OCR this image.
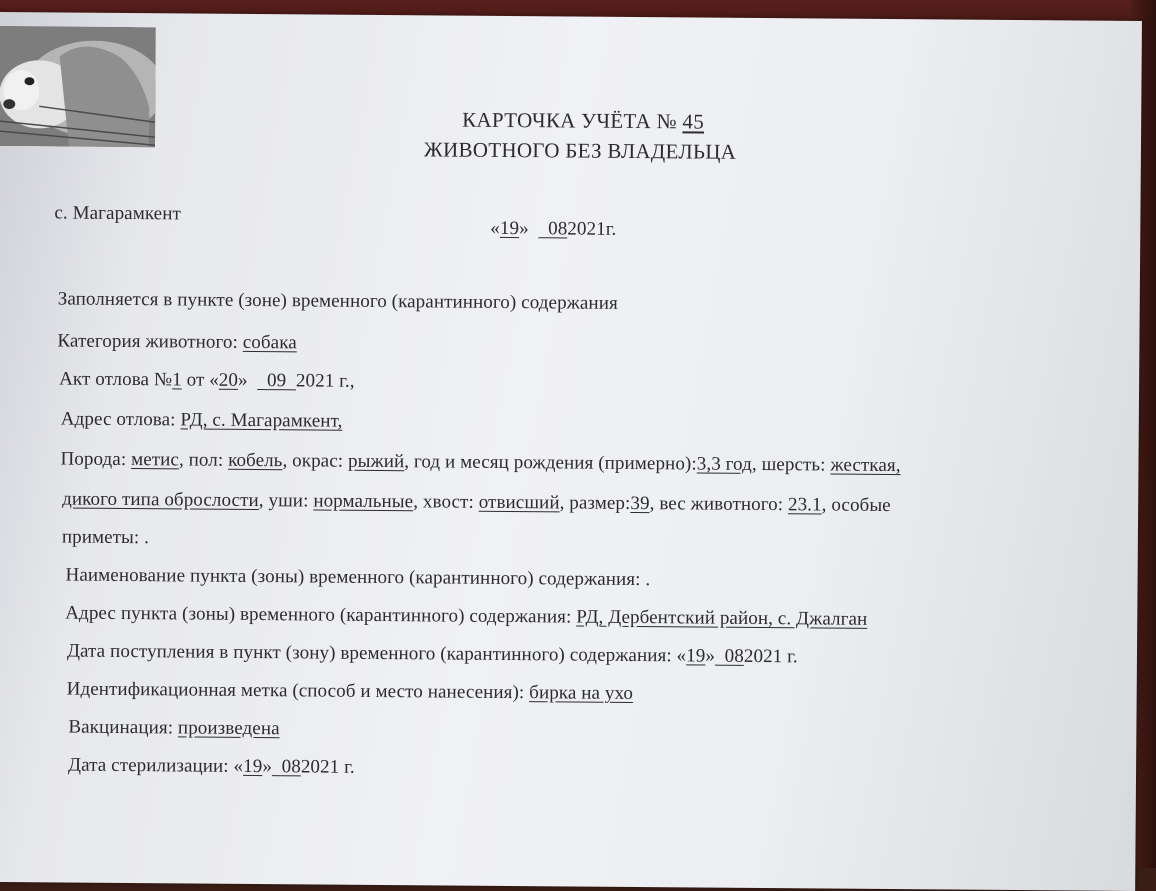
КАРТОЧКА УЧЁТА № 45
ЖИВОТНОГО БЕЗ ВЛАДЕЛЬЦА
с. Магарамкент
«19» 082021г.
Заполняется в пункте (зоне) временного (карантинного) содержания
Категория животного: собака
Акт отлова №1 от «20» 09 2021 г.,
Адрес отлова: РД, с. Магарамкент,
Порода: метис, пол: кобель, окрас: рыжий, год и месяц рождения (примерно):3,3 год, шерсть: жесткая,
дикого типа оброслости, уши: нормальные, хвост: отвисший, размер:39, вес животного: 23.1, особые
приметы: .
Наименование пункта (зоны) временного (карантинного) содержания: .
Адрес пункта (зоны) временного (карантинного) содержания: РД, Дербентский район, с. Джалган
Дата поступления в пункт (зону) временного (карантинного) содержания: «19» 082021 г.
Идентификационная метка (способ и место нанесения): бирка на ухо
Вакцинация: произведена
Дата стерилизации: «19» 082021 г.
